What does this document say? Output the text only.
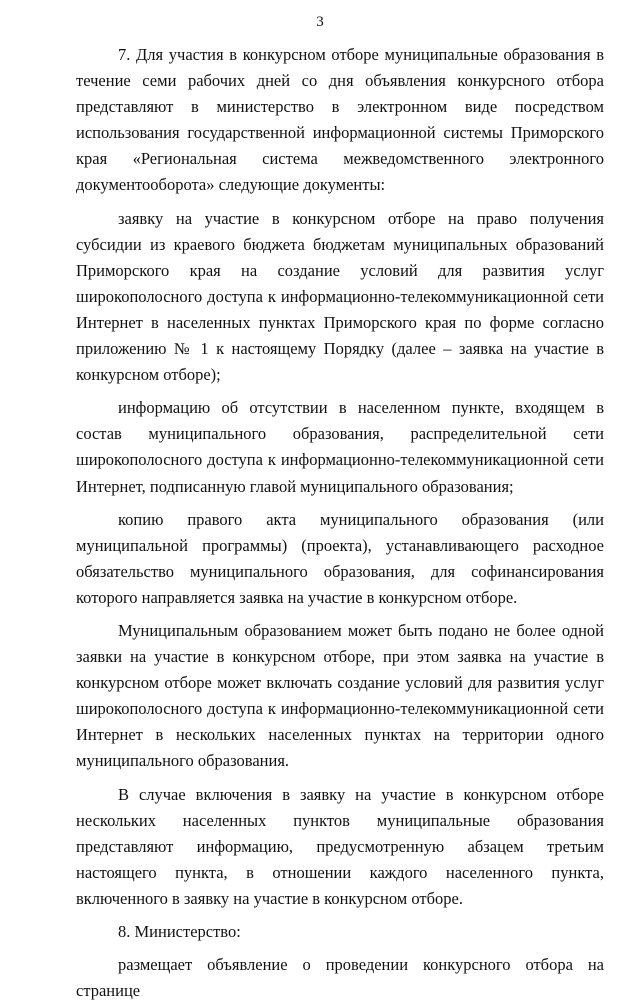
3

7. Для участия в конкурсном отборе муниципальные образования в течение семи рабочих дней со дня объявления конкурсного отбора представляют в министерство в электронном виде посредством использования государственной информационной системы Приморского края «Региональная система межведомственного электронного документооборота» следующие документы:

заявку на участие в конкурсном отборе на право получения субсидии из краевого бюджета бюджетам муниципальных образований Приморского края на создание условий для развития услуг широкополосного доступа к информационно-телекоммуникационной сети Интернет в населенных пунктах Приморского края по форме согласно приложению № 1 к настоящему Порядку (далее – заявка на участие в конкурсном отборе);

информацию об отсутствии в населенном пункте, входящем в состав муниципального образования, распределительной сети широкополосного доступа к информационно-телекоммуникационной сети Интернет, подписанную главой муниципального образования;

копию правого акта муниципального образования (или муниципальной программы) (проекта), устанавливающего расходное обязательство муниципального образования, для софинансирования которого направляется заявка на участие в конкурсном отборе.

Муниципальным образованием может быть подано не более одной заявки на участие в конкурсном отборе, при этом заявка на участие в конкурсном отборе может включать создание условий для развития услуг широкополосного доступа к информационно-телекоммуникационной сети Интернет в нескольких населенных пунктах на территории одного муниципального образования.

В случае включения в заявку на участие в конкурсном отборе нескольких населенных пунктов муниципальные образования представляют информацию, предусмотренную абзацем третьим настоящего пункта, в отношении каждого населенного пункта, включенного в заявку на участие в конкурсном отборе.

8. Министерство:

размещает объявление о проведении конкурсного отбора на странице
